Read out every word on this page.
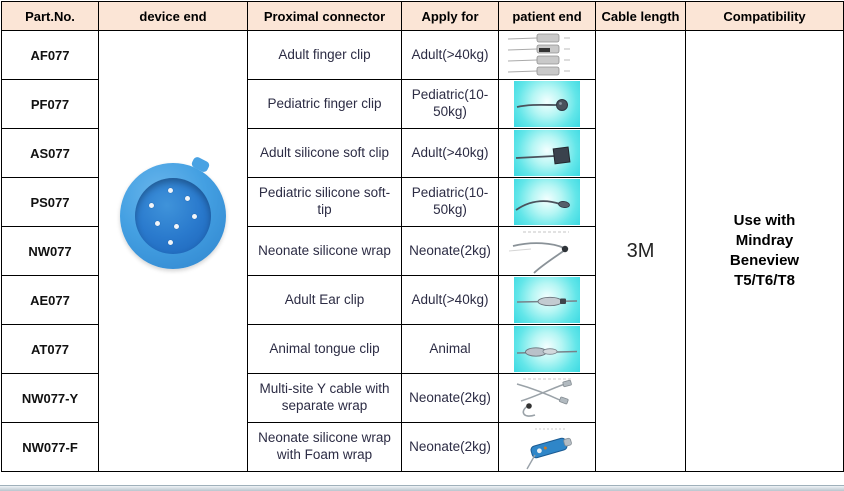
Part.No.	device end	Proximal connector	Apply for	patient end	Cable length	Compatibility
AF077		Adult finger clip	Adult(>40kg)		3M	Use with Mindray Beneview T5/T6/T8

PF077		Pediatric finger clip	Pediatric(10-50kg)	

AS077		Adult silicone soft clip	Adult(>40kg)	

PS077		Pediatric silicone soft-tip	Pediatric(10-50kg)	

NW077		Neonate silicone wrap	Neonate(2kg)	

AE077		Adult Ear clip	Adult(>40kg)	

AT077		Animal tongue clip	Animal	

NW077-Y		Multi-site Y cable with separate wrap	Neonate(2kg)	

NW077-F		Neonate silicone wrap with Foam wrap	Neonate(2kg)	
